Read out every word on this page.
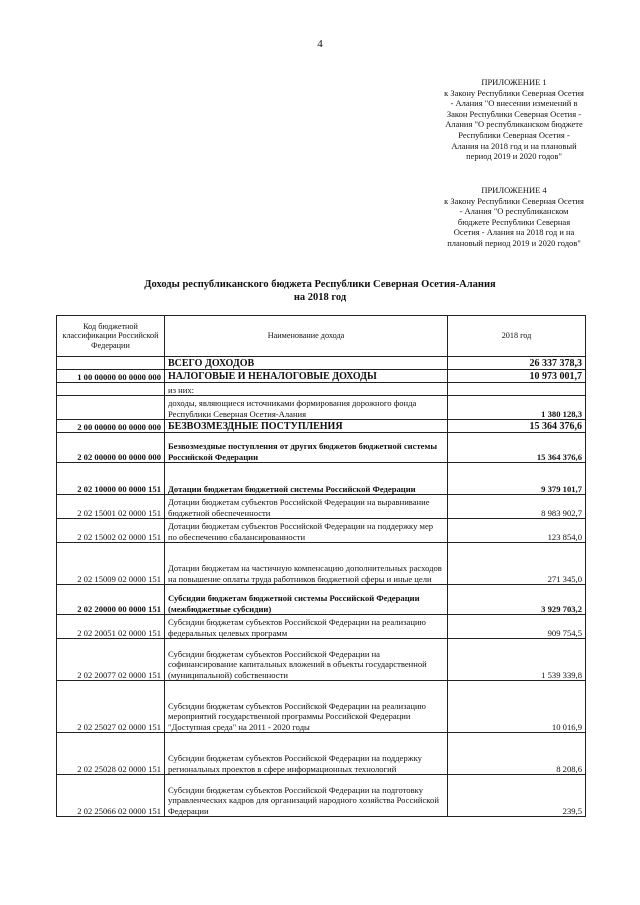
4
ПРИЛОЖЕНИЕ 1
к Закону Республики Северная Осетия - Алания "О внесении изменений в Закон Республики Северная Осетия - Алания "О республиканском бюджете Республики Северная Осетия - Алания на 2018 год и на плановый период 2019 и 2020 годов"
ПРИЛОЖЕНИЕ 4
к Закону Республики Северная Осетия - Алания "О республиканском бюджете Республики Северная Осетия - Алания на 2018 год и на плановый период 2019 и 2020 годов"
Доходы республиканского бюджета Республики Северная Осетия-Алания
на 2018 год
Код бюджетной классификации Российской Федерации	Наименование дохода	2018 год
	ВСЕГО ДОХОДОВ	26 337 378,3
1 00 00000 00 0000 000	НАЛОГОВЫЕ И НЕНАЛОГОВЫЕ ДОХОДЫ	10 973 001,7
	из них:	
	доходы, являющиеся источниками формирования дорожного фонда Республики Северная Осетия-Алания	1 380 128,3
2 00 00000 00 0000 000	БЕЗВОЗМЕЗДНЫЕ ПОСТУПЛЕНИЯ	15 364 376,6
2 02 00000 00 0000 000	Безвозмездные поступления от других бюджетов бюджетной системы Российской Федерации	15 364 376,6
2 02 10000 00 0000 151	Дотации бюджетам бюджетной системы Российской Федерации	9 379 101,7
2 02 15001 02 0000 151	Дотации бюджетам субъектов Российской Федерации на выравнивание бюджетной обеспеченности	8 983 902,7
2 02 15002 02 0000 151	Дотации бюджетам субъектов Российской Федерации на поддержку мер по обеспечению сбалансированности	123 854,0
2 02 15009 02 0000 151	Дотации бюджетам на частичную компенсацию дополнительных расходов на повышение оплаты труда работников бюджетной сферы и иные цели	271 345,0
2 02 20000 00 0000 151	Субсидии бюджетам бюджетной системы Российской Федерации (межбюджетные субсидии)	3 929 703,2
2 02 20051 02 0000 151	Субсидии бюджетам субъектов Российской Федерации на реализацию федеральных целевых программ	909 754,5
2 02 20077 02 0000 151	Субсидии бюджетам субъектов Российской Федерации на софинансирование капитальных вложений в объекты государственной (муниципальной) собственности	1 539 339,8
2 02 25027 02 0000 151	Субсидии бюджетам субъектов Российской Федерации на реализацию мероприятий государственной программы Российской Федерации "Доступная среда" на 2011 - 2020 годы	10 016,9
2 02 25028 02 0000 151	Субсидии бюджетам субъектов Российской Федерации на поддержку региональных проектов в сфере информационных технологий	8 208,6
2 02 25066 02 0000 151	Субсидии бюджетам субъектов Российской Федерации на подготовку управленческих кадров для организаций народного хозяйства Российской Федерации	239,5
